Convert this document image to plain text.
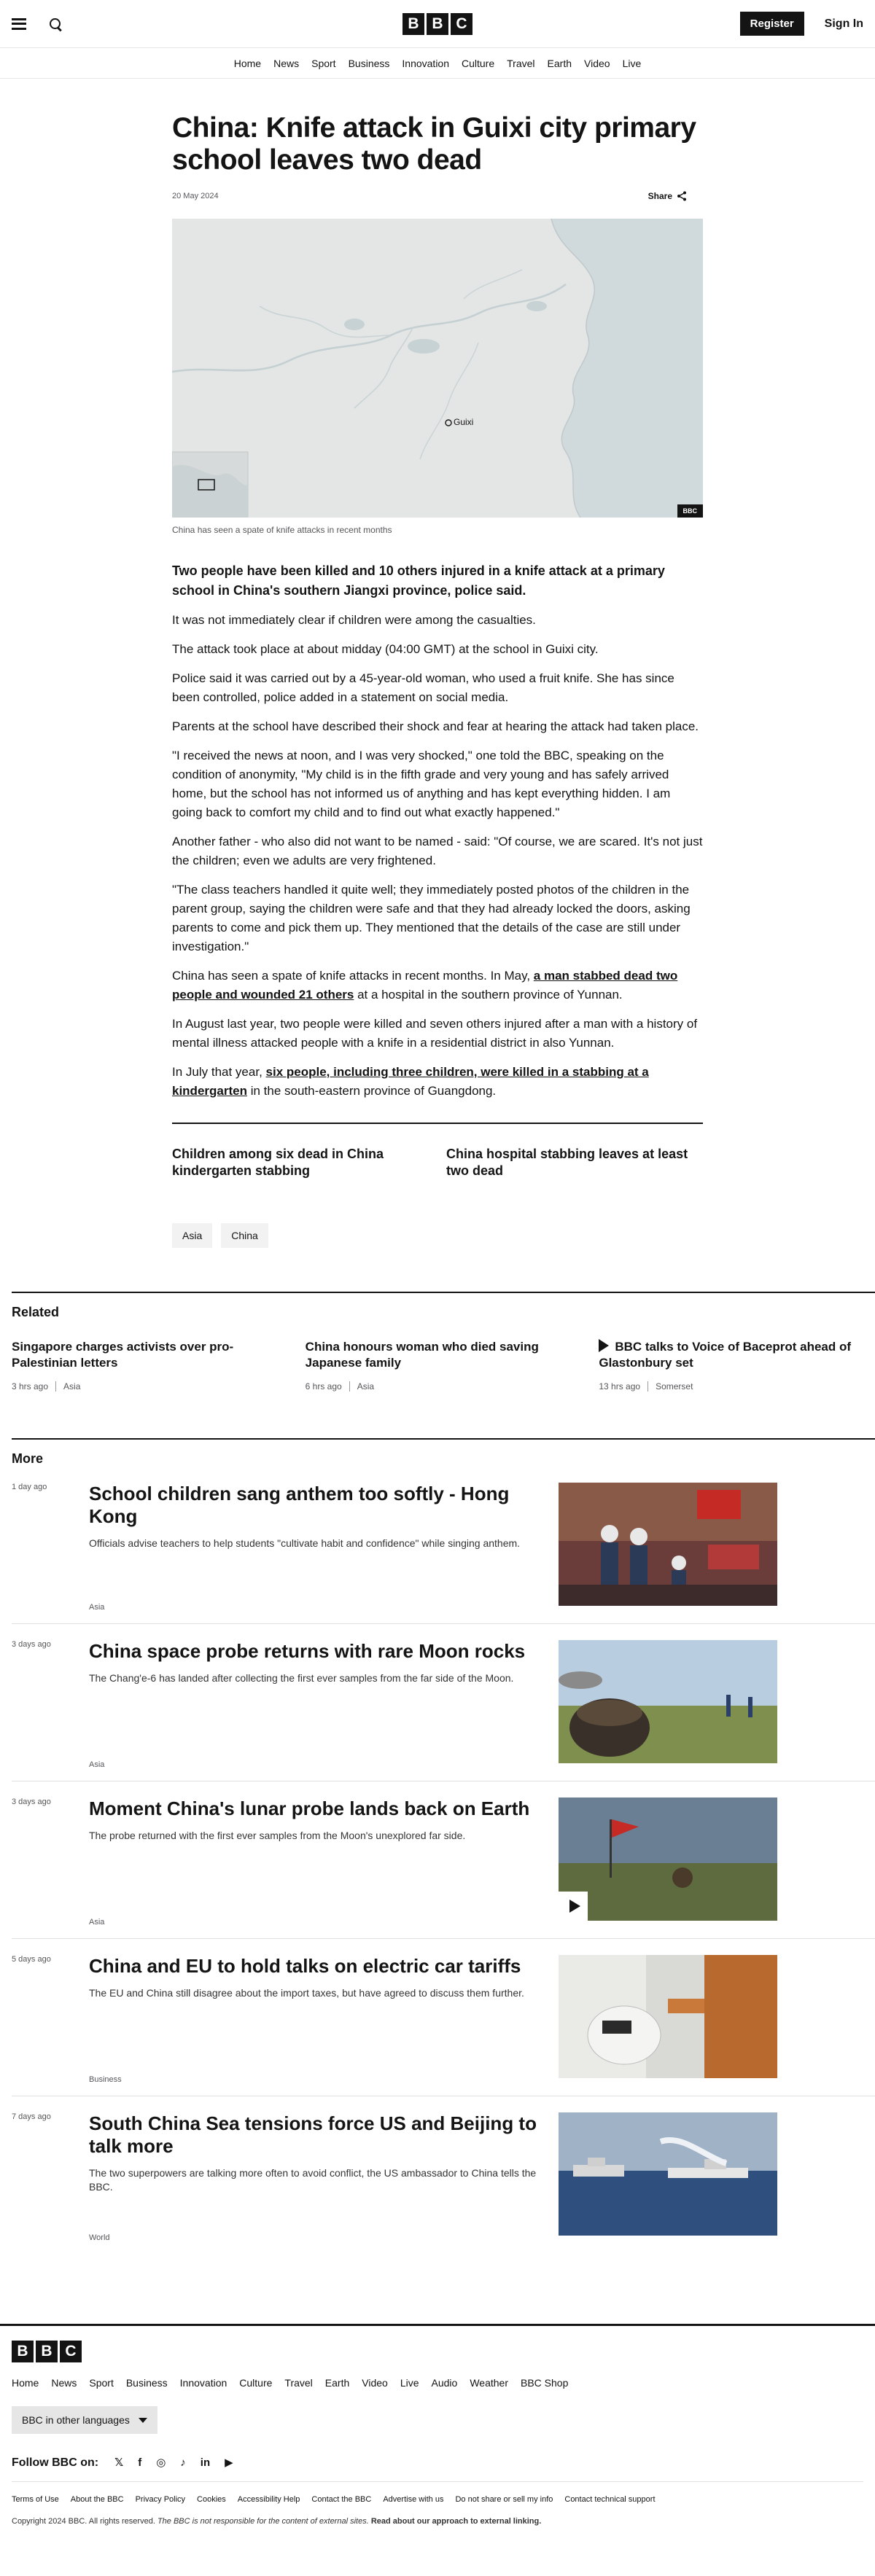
B B C	Register	Sign In
Home News Sport Business Innovation Culture Travel Earth Video Live
China: Knife attack in Guixi city primary school leaves two dead
20 May 2024	Share
Guixi
BBC

China has seen a spate of knife attacks in recent months

Two people have been killed and 10 others injured in a knife attack at a primary school in China's southern Jiangxi province, police said.

It was not immediately clear if children were among the casualties.

The attack took place at about midday (04:00 GMT) at the school in Guixi city.

Police said it was carried out by a 45-year-old woman, who used a fruit knife. She has since been controlled, police added in a statement on social media.

Parents at the school have described their shock and fear at hearing the attack had taken place.

"I received the news at noon, and I was very shocked," one told the BBC, speaking on the condition of anonymity, "My child is in the fifth grade and very young and has safely arrived home, but the school has not informed us of anything and has kept everything hidden. I am going back to comfort my child and to find out what exactly happened."

Another father - who also did not want to be named - said: "Of course, we are scared. It's not just the children; even we adults are very frightened.

"The class teachers handled it quite well; they immediately posted photos of the children in the parent group, saying the children were safe and that they had already locked the doors, asking parents to come and pick them up. They mentioned that the details of the case are still under investigation."

China has seen a spate of knife attacks in recent months. In May, a man stabbed dead two people and wounded 21 others at a hospital in the southern province of Yunnan.

In August last year, two people were killed and seven others injured after a man with a history of mental illness attacked people with a knife in a residential district in also Yunnan.

In July that year, six people, including three children, were killed in a stabbing at a kindergarten in the south-eastern province of Guangdong.

Children among six dead in China kindergarten stabbing
China hospital stabbing leaves at least two dead
Asia	China
Related
Singapore charges activists over pro-Palestinian letters
3 hrs ago Asia
China honours woman who died saving Japanese family
6 hrs ago Asia
BBC talks to Voice of Baceprot ahead of Glastonbury set
13 hrs ago Somerset
More
1 day ago	School children sang anthem too softly - Hong Kong

Officials advise teachers to help students "cultivate habit and confidence" while singing anthem.

Asia
3 days ago	China space probe returns with rare Moon rocks

The Chang'e-6 has landed after collecting the first ever samples from the far side of the Moon.

Asia
3 days ago	Moment China's lunar probe lands back on Earth

The probe returned with the first ever samples from the Moon's unexplored far side.

Asia
5 days ago	China and EU to hold talks on electric car tariffs

The EU and China still disagree about the import taxes, but have agreed to discuss them further.

Business
7 days ago	South China Sea tensions force US and Beijing to talk more

The two superpowers are talking more often to avoid conflict, the US ambassador to China tells the BBC.

World
B B C
Home News Sport Business Innovation Culture Travel Earth Video Live Audio Weather BBC Shop
BBC in other languages
Follow BBC on: 𝕏 f ◎ ♪ in ▶
Terms of Use About the BBC Privacy Policy Cookies Accessibility Help Contact the BBC Advertise with us Do not share or sell my info Contact technical support

Copyright 2024 BBC. All rights reserved. The BBC is not responsible for the content of external sites. Read about our approach to external linking.
